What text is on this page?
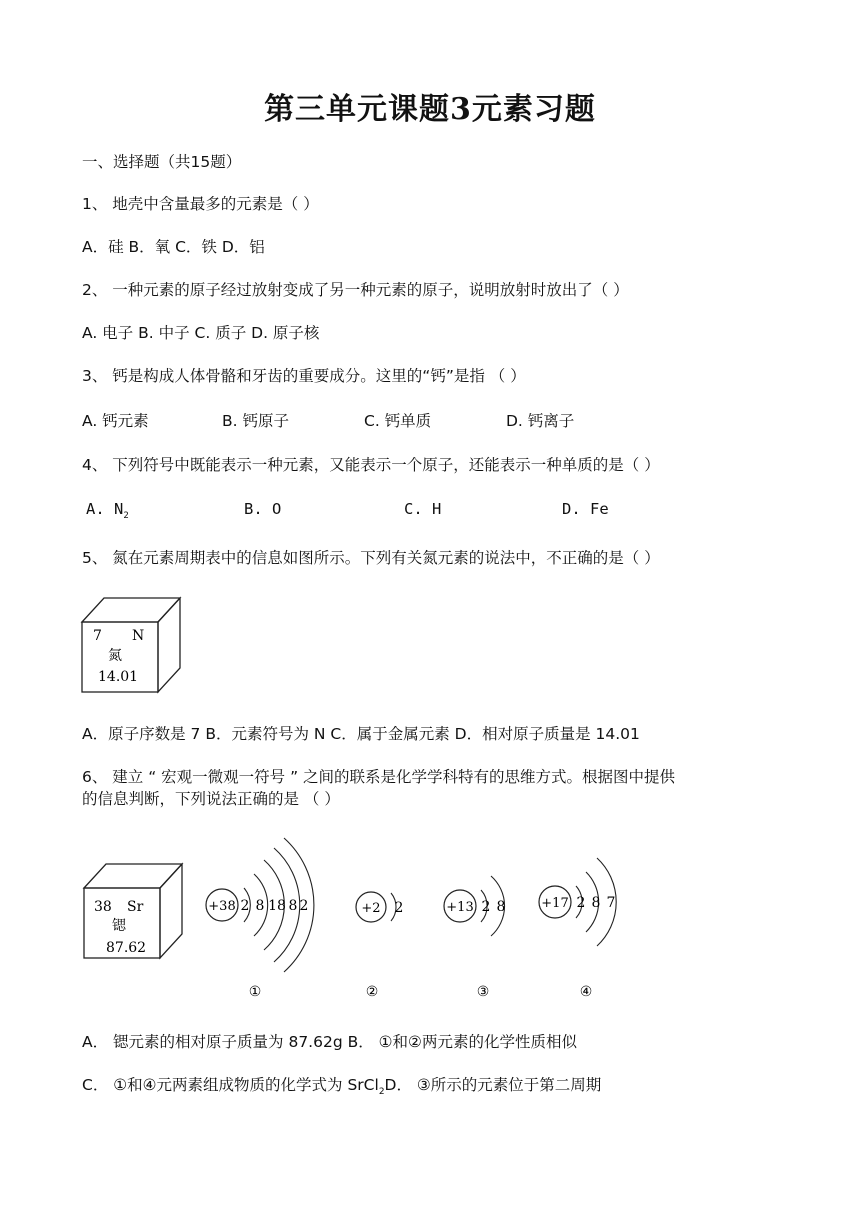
第三单元课题3元素习题
一、选择题（共15题）
1、 地壳中含量最多的元素是（ ）
A．硅 B．氧 C．铁 D．铝
2、 一种元素的原子经过放射变成了另一种元素的原子，说明放射时放出了（ ）
A. 电子 B. 中子 C. 质子 D. 原子核
3、 钙是构成人体骨骼和牙齿的重要成分。这里的“钙”是指 （ ）
A. 钙元素	B. 钙原子	C. 钙单质	D. 钙离子
4、 下列符号中既能表示一种元素，又能表示一个原子，还能表示一种单质的是（ ）
A. $N_2$	B. O	C. H	D. Fe
5、 氮在元素周期表中的信息如图所示。下列有关氮元素的说法中，不正确的是（ ）
7 N
氮
14.01
A．原子序数是 7 B．元素符号为 N C．属于金属元素 D．相对原子质量是 14.01
6、 建立 “ 宏观一微观一符号 ” 之间的联系是化学学科特有的思维方式。根据图中提供
的信息判断，下列说法正确的是 （ ）
38 Sr
锶
87.62
+38 2 8 18 8 2
①
+2 2
②
+13 2 8
③
+17 2 8 7
④
A． 锶元素的相对原子质量为 87.62g B． ①和②两元素的化学性质相似
C． ①和④元两素组成物质的化学式为 SrCl$_2$D． ③所示的元素位于第二周期
